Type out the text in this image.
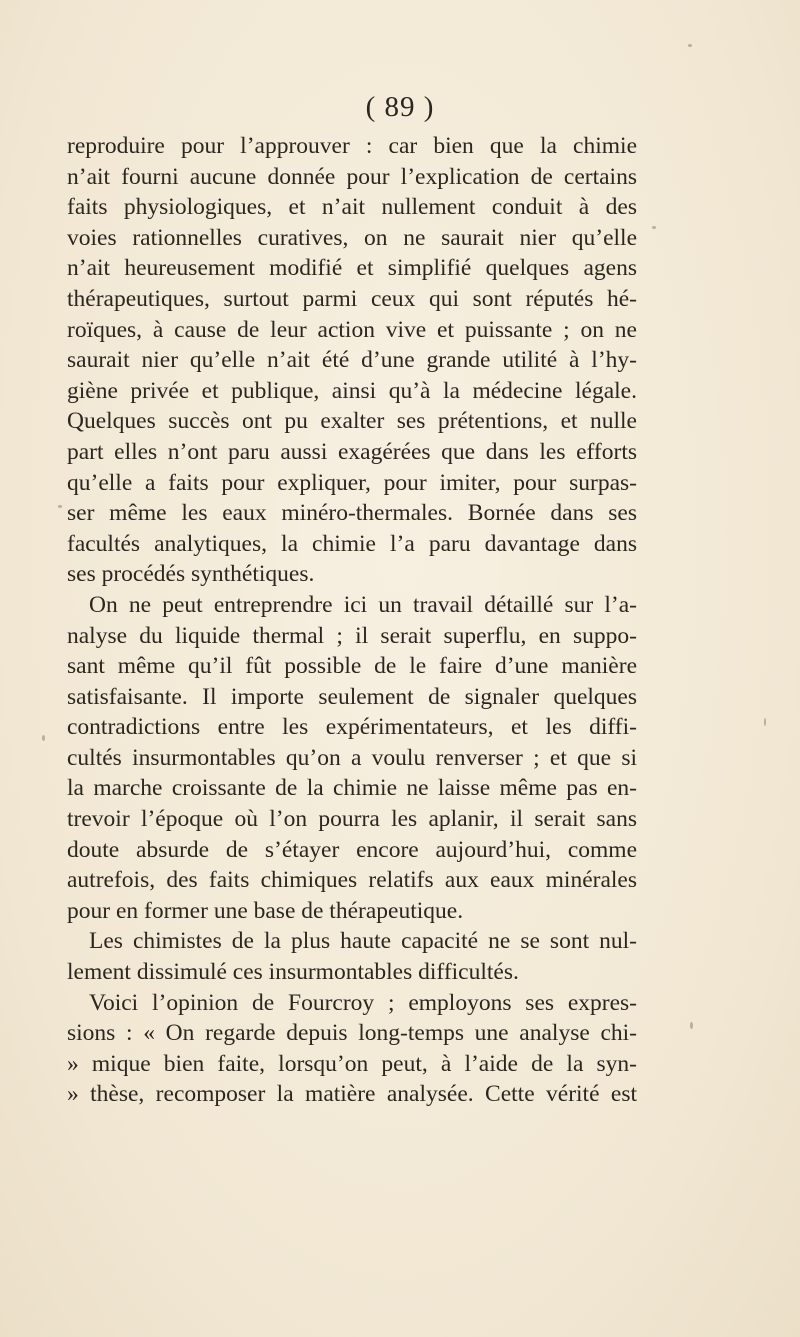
( 89 )
reproduire pour l’approuver : car bien que la chimie
n’ait fourni aucune donnée pour l’explication de certains
faits physiologiques, et n’ait nullement conduit à des
voies rationnelles curatives, on ne saurait nier qu’elle
n’ait heureusement modifié et simplifié quelques agens
thérapeutiques, surtout parmi ceux qui sont réputés hé-
roïques, à cause de leur action vive et puissante ; on ne
saurait nier qu’elle n’ait été d’une grande utilité à l’hy-
giène privée et publique, ainsi qu’à la médecine légale.
Quelques succès ont pu exalter ses prétentions, et nulle
part elles n’ont paru aussi exagérées que dans les efforts
qu’elle a faits pour expliquer, pour imiter, pour surpas-
ser même les eaux minéro-thermales. Bornée dans ses
facultés analytiques, la chimie l’a paru davantage dans
ses procédés synthétiques.
On ne peut entreprendre ici un travail détaillé sur l’a-
nalyse du liquide thermal ; il serait superflu, en suppo-
sant même qu’il fût possible de le faire d’une manière
satisfaisante. Il importe seulement de signaler quelques
contradictions entre les expérimentateurs, et les diffi-
cultés insurmontables qu’on a voulu renverser ; et que si
la marche croissante de la chimie ne laisse même pas en-
trevoir l’époque où l’on pourra les aplanir, il serait sans
doute absurde de s’étayer encore aujourd’hui, comme
autrefois, des faits chimiques relatifs aux eaux minérales
pour en former une base de thérapeutique.
Les chimistes de la plus haute capacité ne se sont nul-
lement dissimulé ces insurmontables difficultés.
Voici l’opinion de Fourcroy ; employons ses expres-
sions : « On regarde depuis long-temps une analyse chi-
» mique bien faite, lorsqu’on peut, à l’aide de la syn-
» thèse, recomposer la matière analysée. Cette vérité est
